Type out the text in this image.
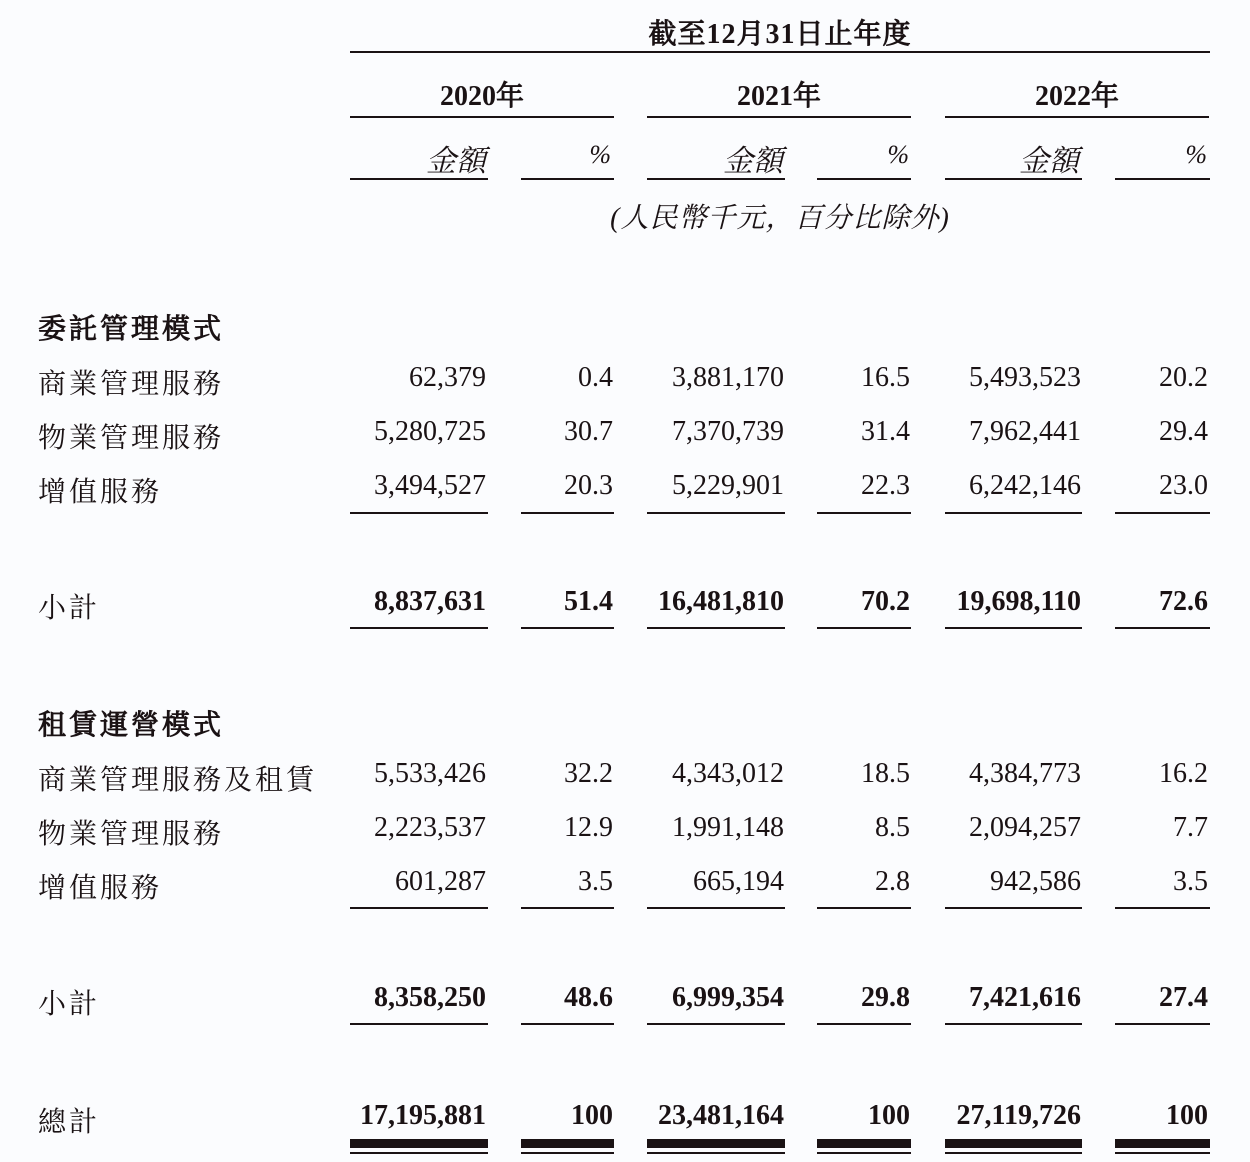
截至12月31日止年度
2020年	2021年	2022年
金額	%	金額	%	金額	%
(人民幣千元，百分比除外)
委託管理模式
商業管理服務	62,379	0.4	3,881,170	16.5	5,493,523	20.2
物業管理服務	5,280,725	30.7	7,370,739	31.4	7,962,441	29.4
增值服務	3,494,527	20.3	5,229,901	22.3	6,242,146	23.0
小計	8,837,631	51.4	16,481,810	70.2	19,698,110	72.6
租賃運營模式
商業管理服務及租賃	5,533,426	32.2	4,343,012	18.5	4,384,773	16.2
物業管理服務	2,223,537	12.9	1,991,148	8.5	2,094,257	7.7
增值服務	601,287	3.5	665,194	2.8	942,586	3.5
小計	8,358,250	48.6	6,999,354	29.8	7,421,616	27.4
總計	17,195,881	100	23,481,164	100	27,119,726	100
